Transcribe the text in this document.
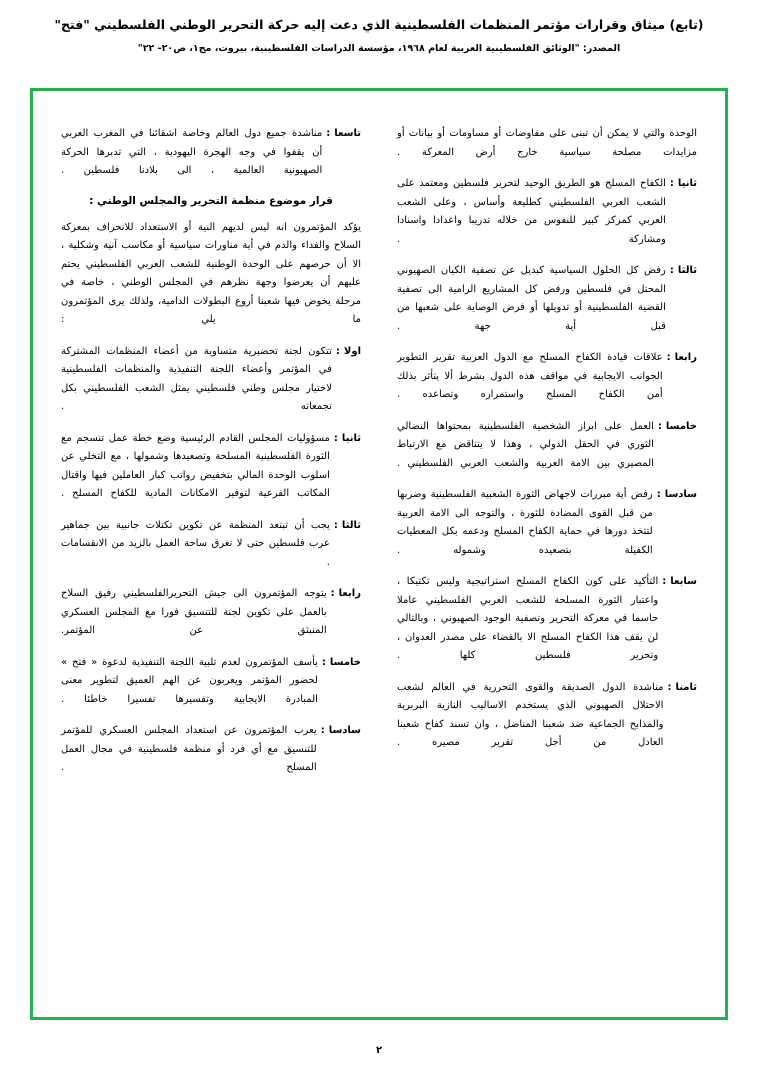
(تابع) ميثاق وقرارات مؤتمر المنظمات الفلسطينية الذي دعت إليه حركة التحرير الوطني الفلسطيني "فتح"
المصدر: "الوثائق الفلسطينية العربية لعام ١٩٦٨، مؤسسة الدراسات الفلسطينية، بيروت، مج١، ص٢٠- ٢٢"
الوحدة والتي لا يمكن أن تبنى على مفاوضات أو مساومات أو بيانات أو مزايدات مصلحة سياسية خارج أرض المعركة .
ثانيا
:
الكفاح المسلح هو الطريق الوحيد لتحرير فلسطين ومعتمد على الشعب العربي الفلسطيني كطليعة وأساس ، وعلى الشعب العربي كمركز كبير للنفوس من خلاله تدريبا واعدادا واسنادا ومشاركة .
ثالثا
:
رفض كل الحلول السياسية كبديل عن تصفية الكيان الصهيوني المحتل في فلسطين ورفض كل المشاريع الرامية الى تصفية القضية الفلسطينية أو تدويلها أو فرض الوصاية على شعبها من قبل أية جهة .
رابعا
:
علاقات قيادة الكفاح المسلح مع الدول العربية تقرير التطوير الجوانب الايجابية في مواقف هذه الدول بشرط ألا يتأثر بذلك أمن الكفاح المسلح واستمراره وتصاعده .
خامسا
:
العمل على ابراز الشخصية الفلسطينية بمحتواها النضالي الثوري في الحقل الدولي ، وهذا لا يتناقض مع الارتباط المصيري بين الامة العربية والشعب العربي الفلسطيني .
سادسا
:
رفض أية مبررات لاجهاض الثورة الشعبية الفلسطينية وضربها من قبل القوى المضادة للثورة ، والتوجه الى الامة العربية لتتخذ دورها في حماية الكفاح المسلح ودعمه بكل المعطيات الكفيلة بتصعيده وشموله .
سابعا
:
التأكيد على كون الكفاح المسلح استراتيجية وليس تكتيكا ، واعتبار الثورة المسلحة للشعب العربي الفلسطيني عاملا حاسما في معركة التحرير وتصفية الوجود الصهيوني ، وبالتالي لن يقف هذا الكفاح المسلح الا بالقضاء على مصدر العدوان ، وتحرير فلسطين كلها .
ثامنا
:
مناشدة الدول الصديقة والقوى التحررية في العالم لشعب الاحتلال الصهيوني الذي يستخدم الاساليب النازية البربرية والمذابح الجماعية ضد شعبنا المناضل ، وان تسند كفاح شعبنا العادل من أجل تقرير مصيره .
تاسعا
:
مناشدة جميع دول العالم وخاصة اشقائنا في المغرب العربي أن يقفوا في وجه الهجرة اليهودية ، التي تدبرها الحركة الصهيونية العالمية ، الى بلادنا فلسطين .
قرار موضوع منظمة التحرير والمجلس الوطني :
يؤكد المؤتمرون انه ليس لديهم النية أو الاستعداد للانحراف بمعركة السلاح والفداء والدم في أية مناورات سياسية أو مكاسب آنية وشكلية ، الا أن حرصهم على الوحدة الوطنية للشعب العربي الفلسطيني يحتم عليهم أن يعرضوا وجهة نظرهم في المجلس الوطني ، خاصة في مرحلة يخوض فيها شعبنا أروع البطولات الدامية، ولذلك يرى المؤتمرون ما يلي :
اولا
:
تتكون لجنة تحضيرية متساوية من أعضاء المنظمات المشتركة في المؤتمر وأعضاء اللجنة التنفيذية والمنظمات الفلسطينية لاختيار مجلس وطني فلسطيني يمثل الشعب الفلسطيني بكل تجمعاته .
ثانيا
:
مسؤوليات المجلس القادم الرئيسية وضع خطة عمل تنسجم مع الثورة الفلسطينية المسلحة وتصعيدها وشمولها ، مع التخلي عن اسلوب الوحدة المالي بتخفيض رواتب كبار العاملين فيها واقتال المكاتب الفرعية لتوفير الامكانات المادية للكفاح المسلح .
ثالثا
:
يجب أن تبتعد المنظمة عن تكوين تكتلات جانبية بين جماهير عرب فلسطين حتى لا تغرق ساحة العمل بالزيد من الانقسامات .
رابعا
:
يتوجه المؤتمرون الى جيش التحريرالفلسطيني رفيق السلاح بالعمل على تكوين لجنة للتنسيق فورا مع المجلس العسكري المنبثق عن المؤتمر.
خامسا
:
يأسف المؤتمرون لعدم تلبية اللجنة التنفيذية لدعوة « فتح » لحضور المؤتمر ويعربون عن الهم العميق لتطوير معنى المبادرة الايجابية وتفسيرها تفسيرا خاطئا .
سادسا
:
يعرب المؤتمرون عن استعداد المجلس العسكري للمؤتمر للتنسيق مع أي فرد أو منظمة فلسطينية في مجال العمل المسلح .
٢
